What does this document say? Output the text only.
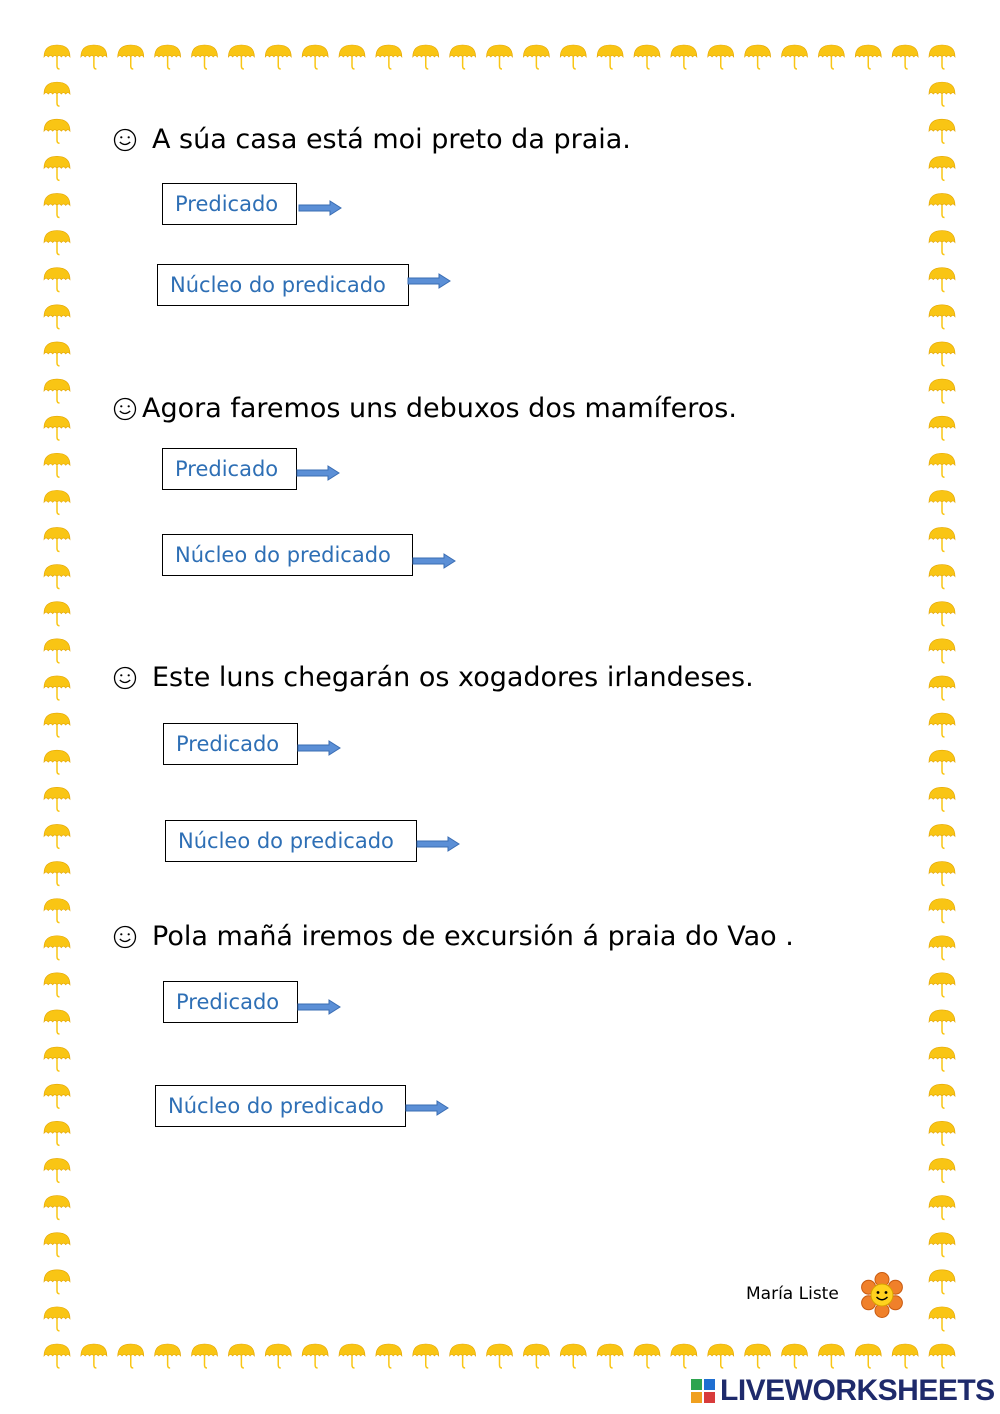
A súa casa está moi preto da praia.
Predicado
Núcleo do predicado
Agora faremos uns debuxos dos mamíferos.
Predicado
Núcleo do predicado
Este luns chegarán os xogadores irlandeses.
Predicado
Núcleo do predicado
Pola mañá iremos de excursión á praia do Vao .
Predicado
Núcleo do predicado
María Liste
LIVEWORKSHEETS
